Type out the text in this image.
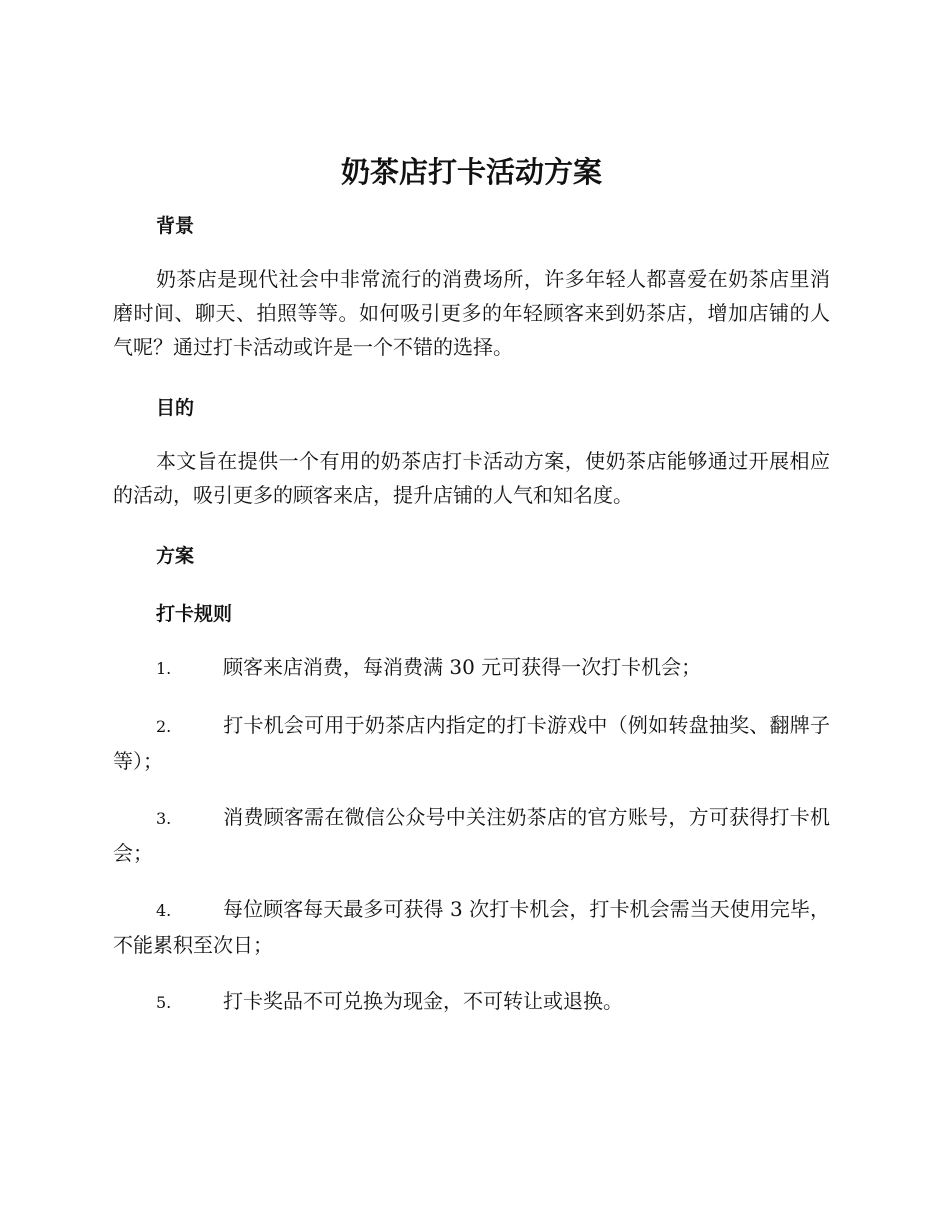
奶茶店打卡活动方案
背景

奶茶店是现代社会中非常流行的消费场所，许多年轻人都喜爱在奶茶店里消磨时间、聊天、拍照等等。如何吸引更多的年轻顾客来到奶茶店，增加店铺的人气呢？通过打卡活动或许是一个不错的选择。

目的

本文旨在提供一个有用的奶茶店打卡活动方案，使奶茶店能够通过开展相应的活动，吸引更多的顾客来店，提升店铺的人气和知名度。

方案
打卡规则

1.	顾客来店消费，每消费满 30 元可获得一次打卡机会；

2.	打卡机会可用于奶茶店内指定的打卡游戏中（例如转盘抽奖、翻牌子等）；

3.	消费顾客需在微信公众号中关注奶茶店的官方账号，方可获得打卡机会；

4.	每位顾客每天最多可获得 3 次打卡机会，打卡机会需当天使用完毕，不能累积至次日；

5.	打卡奖品不可兑换为现金，不可转让或退换。
